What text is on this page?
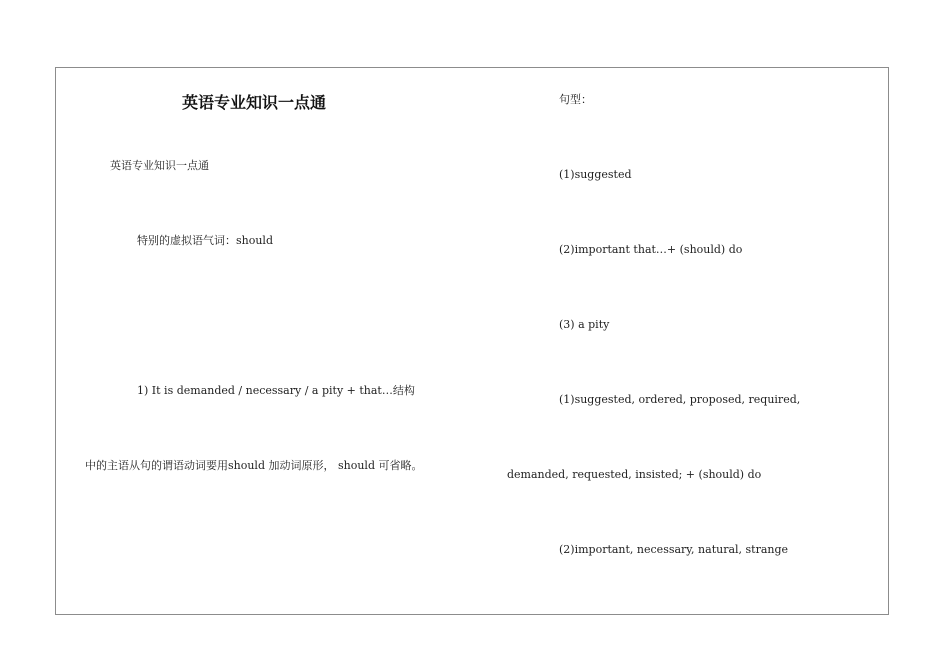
英语专业知识一点通
英语专业知识一点通
特别的虚拟语气词：should
1) It is demanded / necessary / a pity + that…结构
中的主语从句的谓语动词要用should 加动词原形， should 可省略。
句型：
(1)suggested
(2)important that…+ (should) do
(3) a pity
(1)suggested, ordered, proposed, required,
demanded, requested, insisted; + (should) do
(2)important, necessary, natural, strange
